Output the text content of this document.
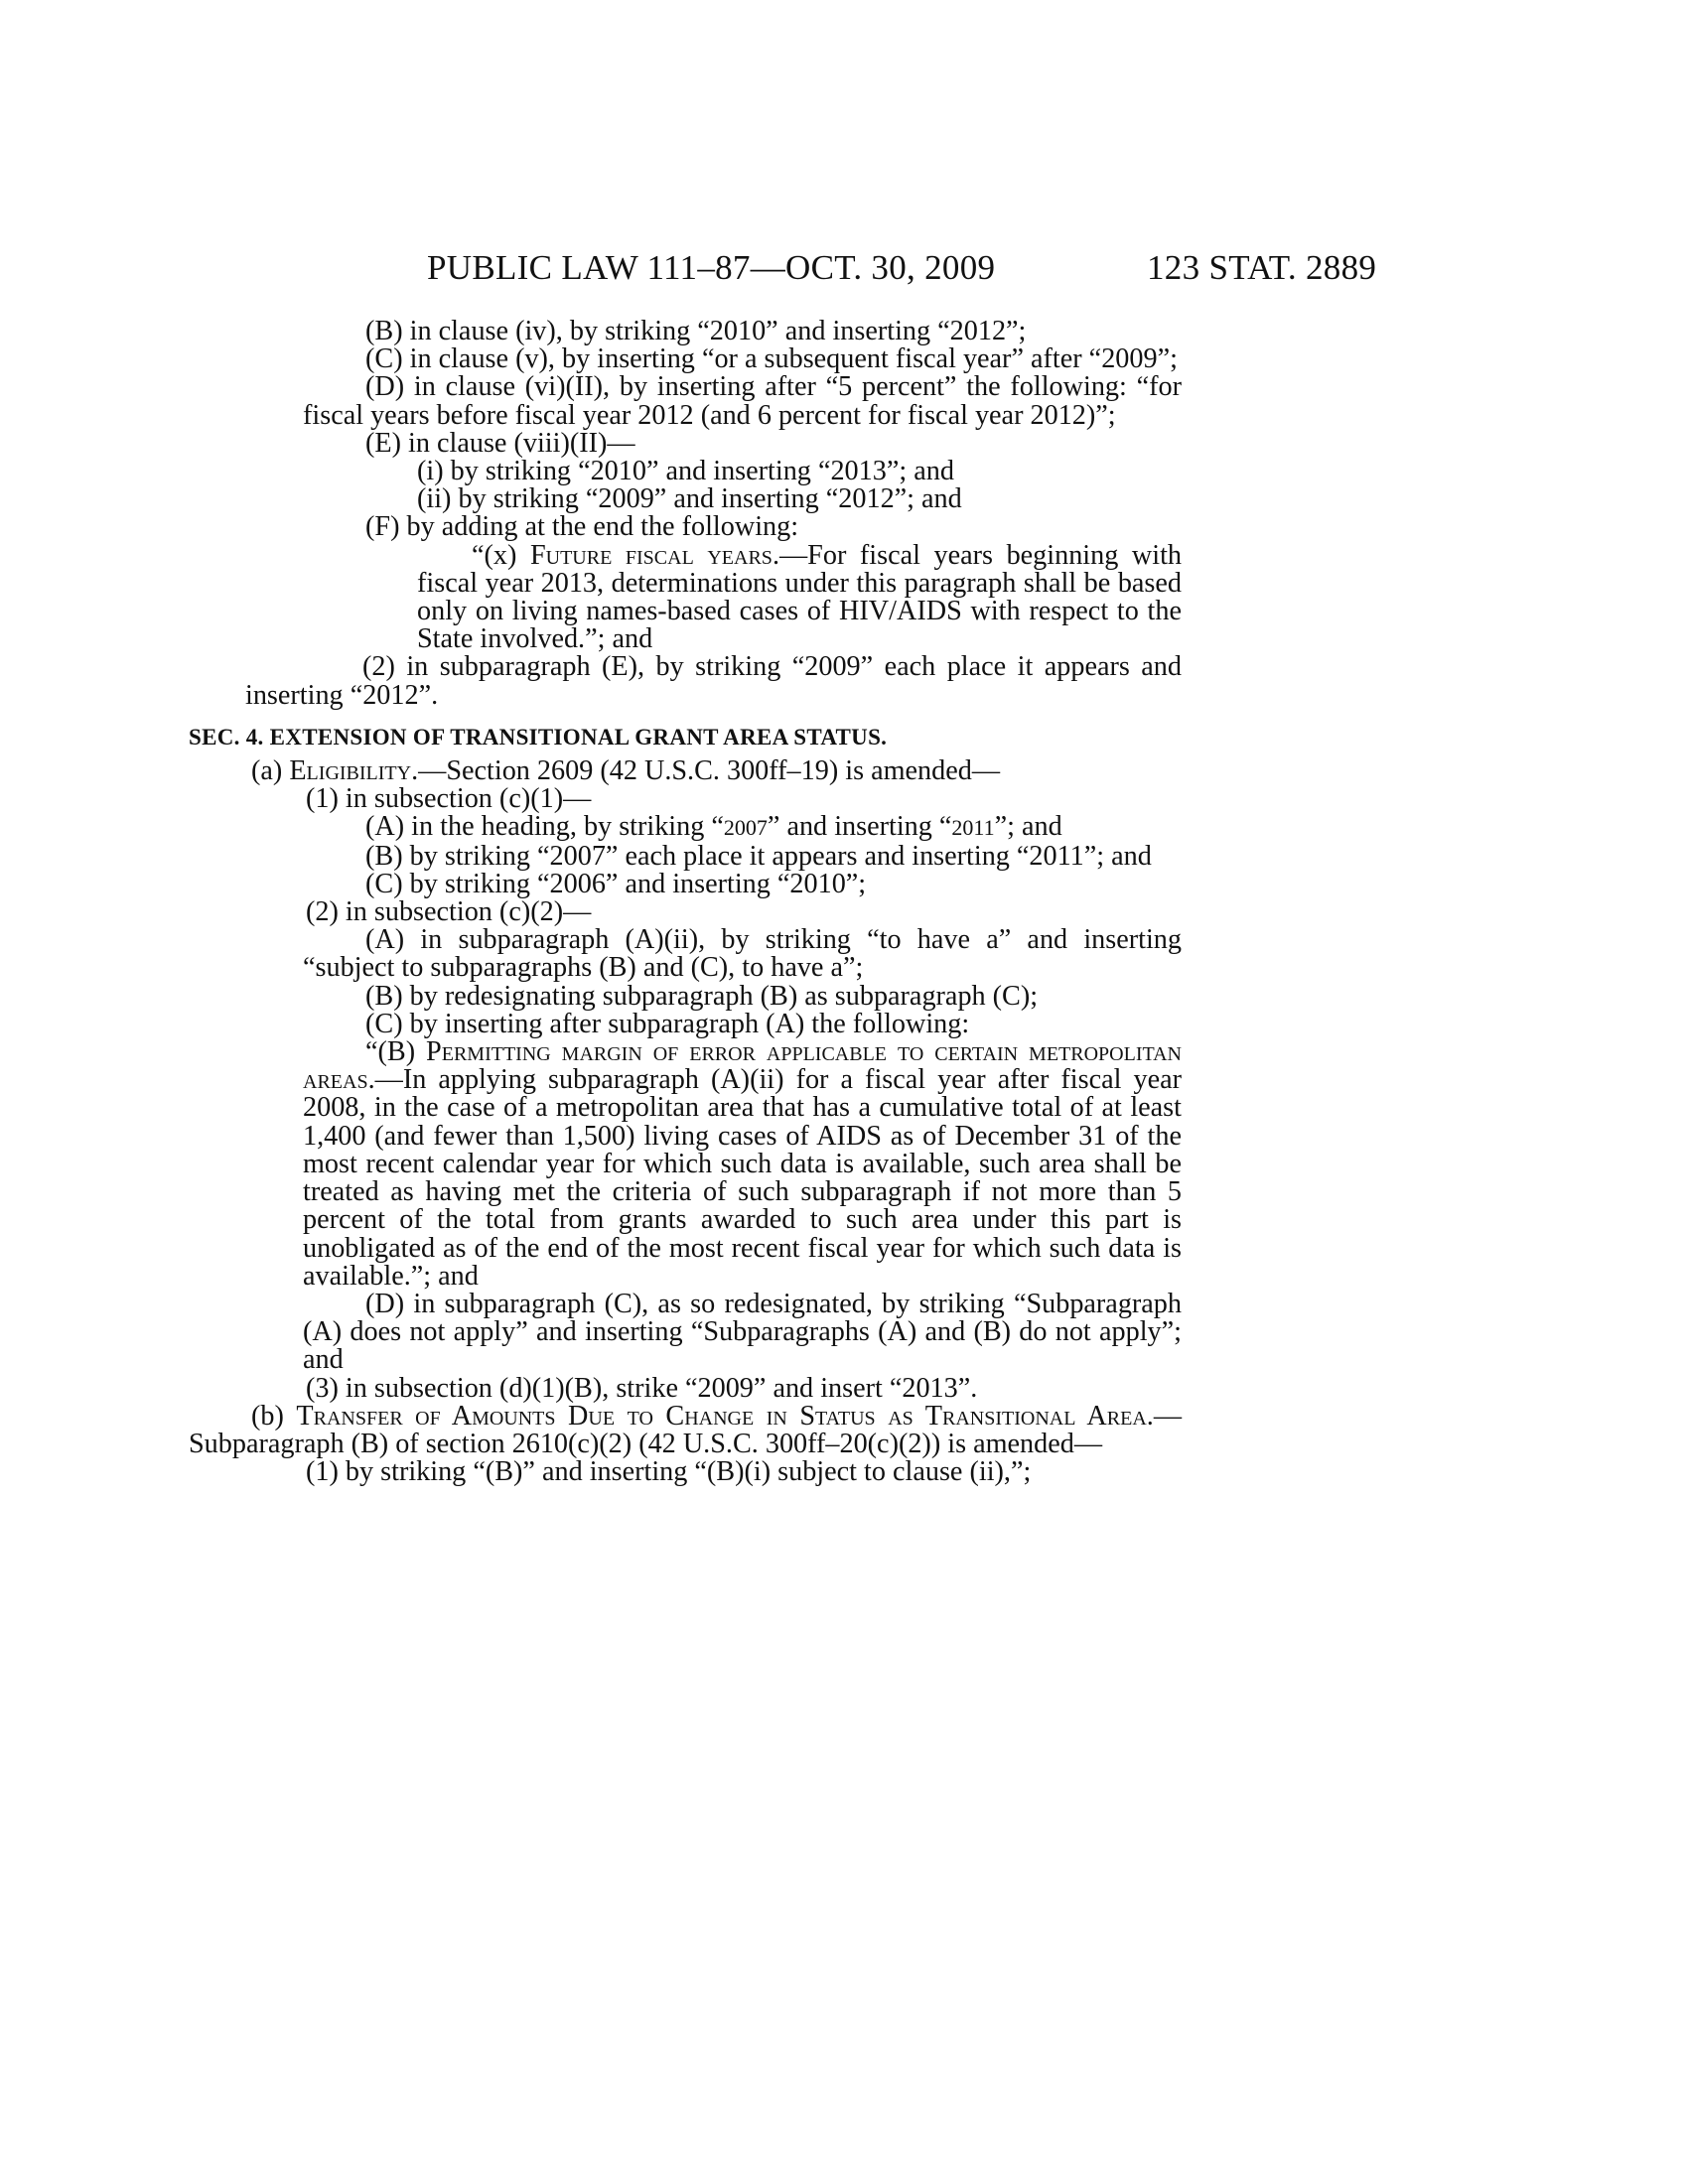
PUBLIC LAW 111–87—OCT. 30, 2009	123 STAT. 2889

(B) in clause (iv), by striking “2010” and inserting “2012”;

(C) in clause (v), by inserting “or a subsequent fiscal year” after “2009”;

(D) in clause (vi)(II), by inserting after “5 percent” the following: “for fiscal years before fiscal year 2012 (and 6 percent for fiscal year 2012)”;

(E) in clause (viii)(II)—

(i) by striking “2010” and inserting “2013”; and

(ii) by striking “2009” and inserting “2012”; and

(F) by adding at the end the following:

“(x) Future fiscal years.—For fiscal years beginning with fiscal year 2013, determinations under this paragraph shall be based only on living names-based cases of HIV/AIDS with respect to the State involved.”; and

(2) in subparagraph (E), by striking “2009” each place it appears and inserting “2012”.

SEC. 4. EXTENSION OF TRANSITIONAL GRANT AREA STATUS.

(a) Eligibility.—Section 2609 (42 U.S.C. 300ff–19) is amended—

(1) in subsection (c)(1)—

(A) in the heading, by striking “2007” and inserting “2011”; and

(B) by striking “2007” each place it appears and inserting “2011”; and

(C) by striking “2006” and inserting “2010”;

(2) in subsection (c)(2)—

(A) in subparagraph (A)(ii), by striking “to have a” and inserting “subject to subparagraphs (B) and (C), to have a”;

(B) by redesignating subparagraph (B) as subparagraph (C);

(C) by inserting after subparagraph (A) the following:

“(B) Permitting margin of error applicable to certain metropolitan areas.—In applying subparagraph (A)(ii) for a fiscal year after fiscal year 2008, in the case of a metropolitan area that has a cumulative total of at least 1,400 (and fewer than 1,500) living cases of AIDS as of December 31 of the most recent calendar year for which such data is available, such area shall be treated as having met the criteria of such subparagraph if not more than 5 percent of the total from grants awarded to such area under this part is unobligated as of the end of the most recent fiscal year for which such data is available.”; and

(D) in subparagraph (C), as so redesignated, by striking “Subparagraph (A) does not apply” and inserting “Subparagraphs (A) and (B) do not apply”; and

(3) in subsection (d)(1)(B), strike “2009” and insert “2013”.

(b) Transfer of Amounts Due to Change in Status as Transitional Area.—Subparagraph (B) of section 2610(c)(2) (42 U.S.C. 300ff–20(c)(2)) is amended—

(1) by striking “(B)” and inserting “(B)(i) subject to clause (ii),”;
